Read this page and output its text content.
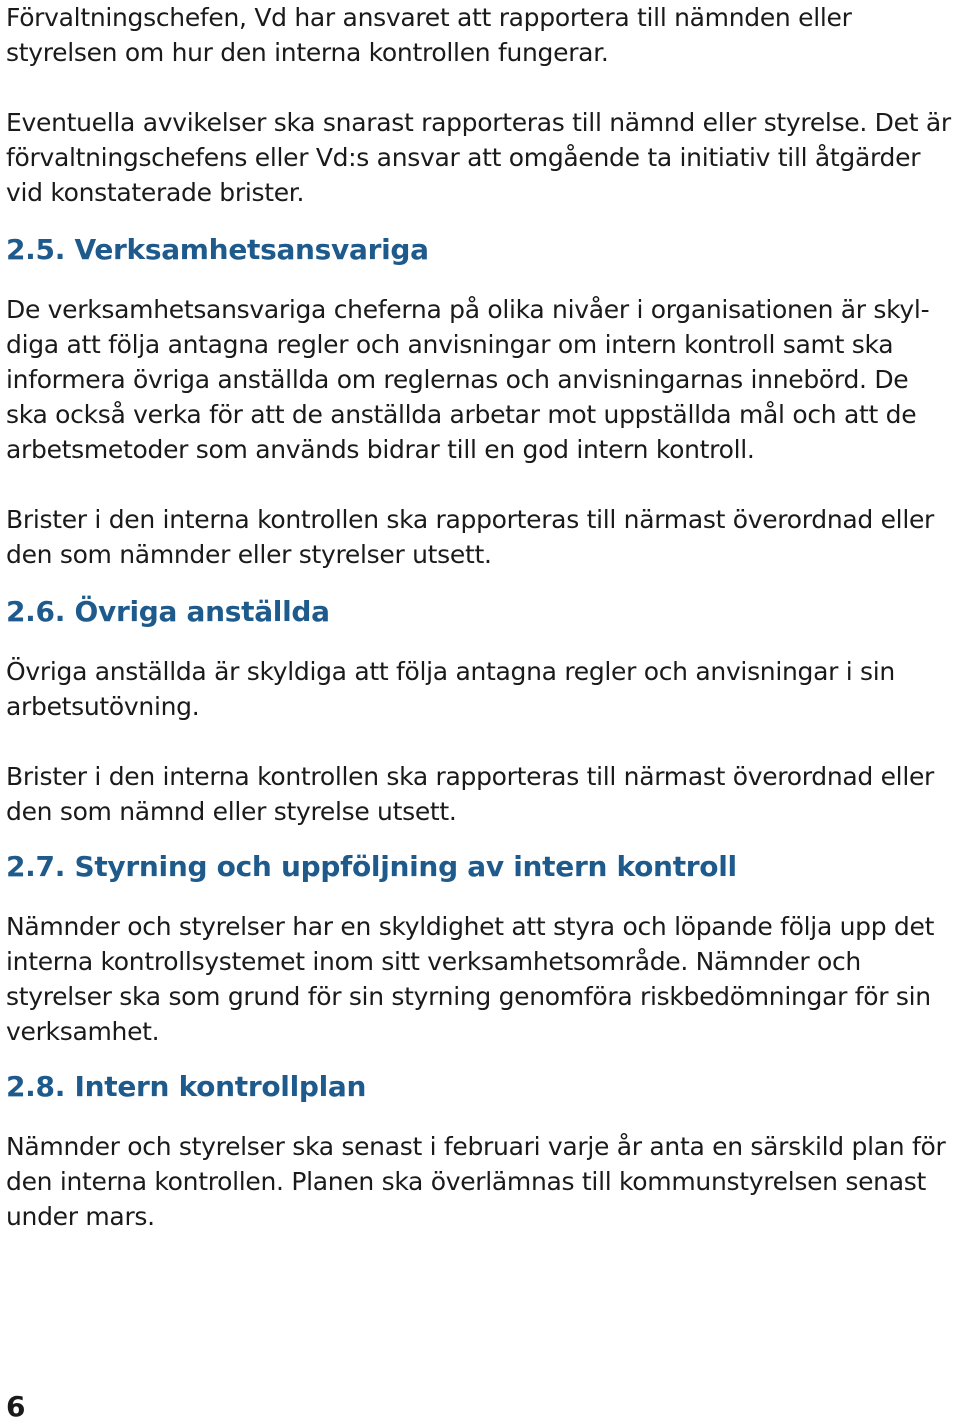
Förvaltningschefen, Vd har ansvaret att rapportera till nämnden eller styrelsen om hur den interna kontrollen fungerar.

Eventuella avvikelser ska snarast rapporteras till nämnd eller styrelse. Det är förvaltningschefens eller Vd:s ansvar att omgående ta initiativ till åtgärder vid konstaterade brister.

2.5. Verksamhetsansvariga

De verksamhetsansvariga cheferna på olika nivåer i organisationen är skyldiga att följa antagna regler och anvisningar om intern kontroll samt ska informera övriga anställda om reglernas och anvisningarnas innebörd. De ska också verka för att de anställda arbetar mot uppställda mål och att de arbetsmetoder som används bidrar till en god intern kontroll.

Brister i den interna kontrollen ska rapporteras till närmast överordnad eller den som nämnder eller styrelser utsett.

2.6. Övriga anställda

Övriga anställda är skyldiga att följa antagna regler och anvisningar i sin arbetsutövning.

Brister i den interna kontrollen ska rapporteras till närmast överordnad eller den som nämnd eller styrelse utsett.

2.7. Styrning och uppföljning av intern kontroll

Nämnder och styrelser har en skyldighet att styra och löpande följa upp det interna kontrollsystemet inom sitt verksamhetsområde. Nämnder och styrelser ska som grund för sin styrning genomföra riskbedömningar för sin verksamhet.

2.8. Intern kontrollplan

Nämnder och styrelser ska senast i februari varje år anta en särskild plan för den interna kontrollen. Planen ska överlämnas till kommunstyrelsen senast under mars.

6
